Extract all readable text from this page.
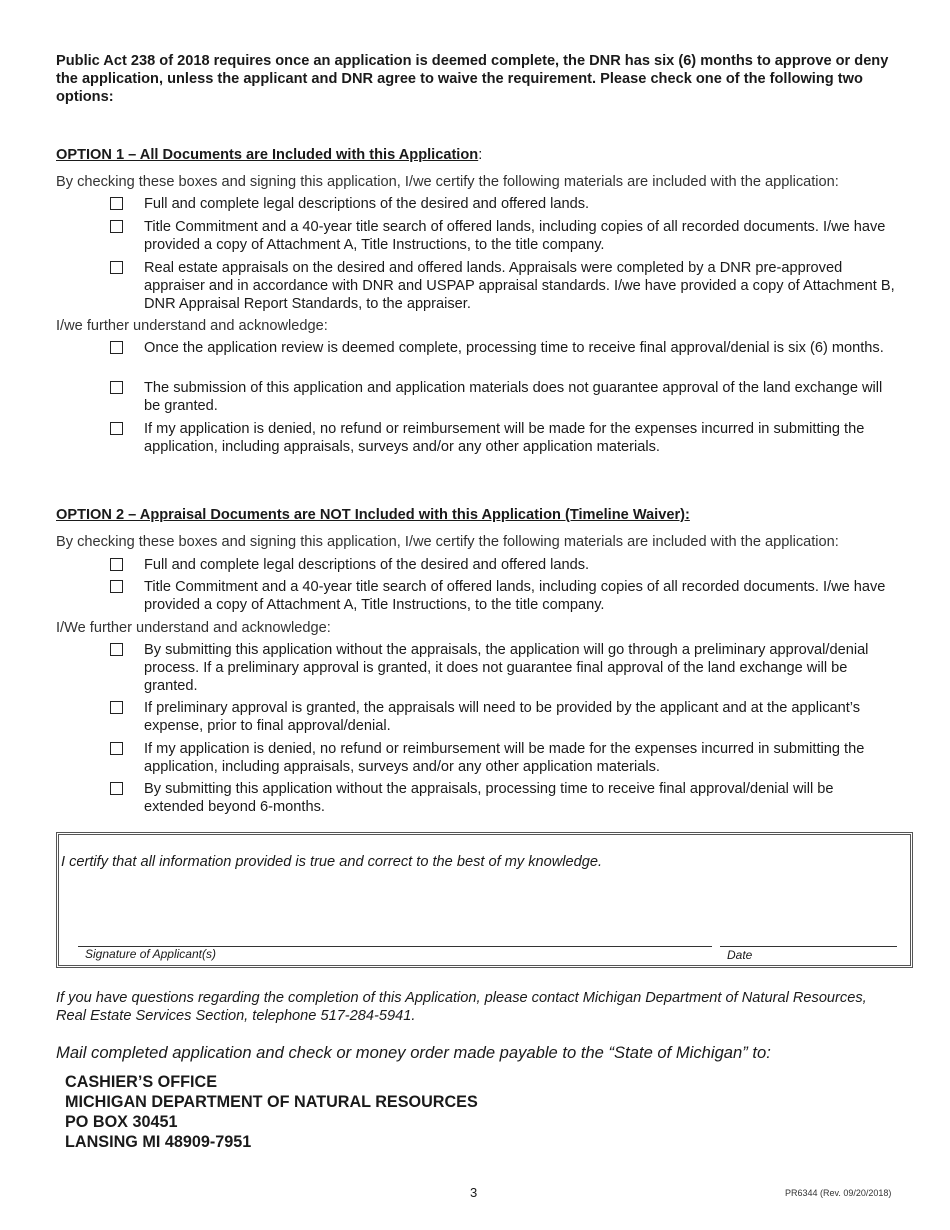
Public Act 238 of 2018 requires once an application is deemed complete, the DNR has six (6) months to approve or deny the application, unless the applicant and DNR agree to waive the requirement. Please check one of the following two options:
OPTION 1 – All Documents are Included with this Application:
By checking these boxes and signing this application, I/we certify the following materials are included with the application:
Full and complete legal descriptions of the desired and offered lands.
Title Commitment and a 40-year title search of offered lands, including copies of all recorded documents. I/we have provided a copy of Attachment A, Title Instructions, to the title company.
Real estate appraisals on the desired and offered lands. Appraisals were completed by a DNR pre-approved appraiser and in accordance with DNR and USPAP appraisal standards. I/we have provided a copy of Attachment B, DNR Appraisal Report Standards, to the appraiser.
I/we further understand and acknowledge:
Once the application review is deemed complete, processing time to receive final approval/denial is six (6) months.
The submission of this application and application materials does not guarantee approval of the land exchange will be granted.
If my application is denied, no refund or reimbursement will be made for the expenses incurred in submitting the application, including appraisals, surveys and/or any other application materials.
OPTION 2 – Appraisal Documents are NOT Included with this Application (Timeline Waiver):
By checking these boxes and signing this application, I/we certify the following materials are included with the application:
Full and complete legal descriptions of the desired and offered lands.
Title Commitment and a 40-year title search of offered lands, including copies of all recorded documents. I/we have provided a copy of Attachment A, Title Instructions, to the title company.
I/We further understand and acknowledge:
By submitting this application without the appraisals, the application will go through a preliminary approval/denial process. If a preliminary approval is granted, it does not guarantee final approval of the land exchange will be granted.
If preliminary approval is granted, the appraisals will need to be provided by the applicant and at the applicant’s expense, prior to final approval/denial.
If my application is denied, no refund or reimbursement will be made for the expenses incurred in submitting the application, including appraisals, surveys and/or any other application materials.
By submitting this application without the appraisals, processing time to receive final approval/denial will be extended beyond 6-months.
I certify that all information provided is true and correct to the best of my knowledge.
Signature of Applicant(s)	Date
If you have questions regarding the completion of this Application, please contact Michigan Department of Natural Resources, Real Estate Services Section, telephone 517-284-5941.
Mail completed application and check or money order made payable to the “State of Michigan” to:
CASHIER’S OFFICE
MICHIGAN DEPARTMENT OF NATURAL RESOURCES
PO BOX 30451
LANSING MI 48909-7951
3	PR6344 (Rev. 09/20/2018)
